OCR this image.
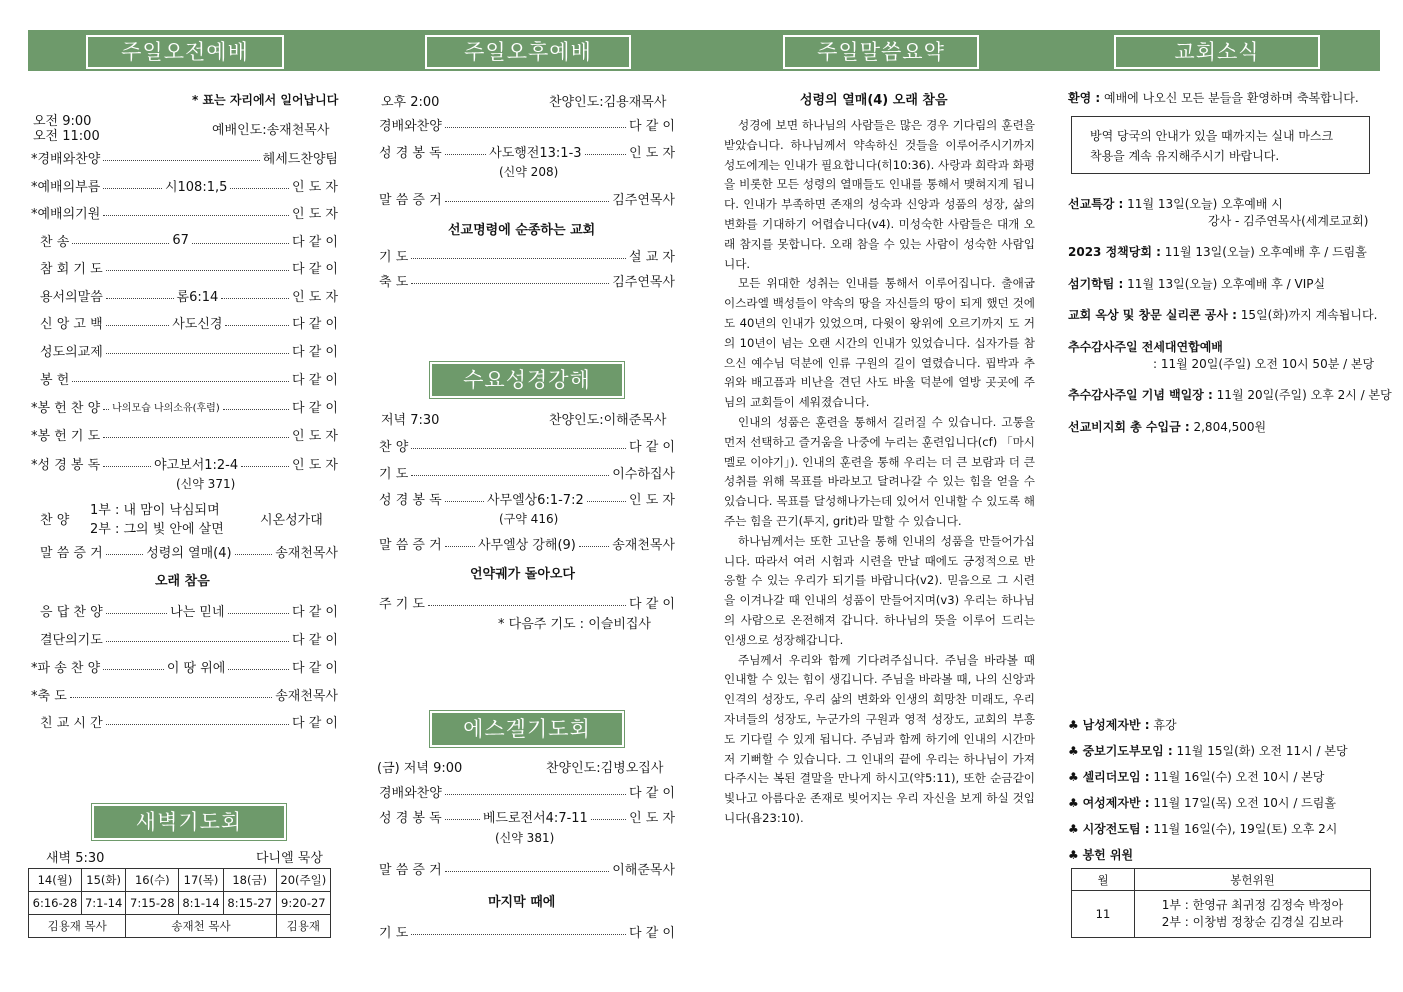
주일오전예배	주일오후예배	주일말씀요약	교회소식
* 표는 자리에서 일어납니다
오전 9:00
오전 11:00	예배인도:송재천목사
*경배와찬양	헤세드찬양팀
*예배의부름	시108:1,5	인 도 자
*예배의기원	인 도 자
찬 송	67	다 같 이
참 회 기 도	다 같 이
용서의말씀	롬6:14	인 도 자
신 앙 고 백	사도신경	다 같 이
성도의교제	다 같 이
봉 헌	다 같 이
*봉 헌 찬 양 나의모습 나의소유(후렴)	다 같 이
*봉 헌 기 도	인 도 자
*성 경 봉 독	야고보서1:2-4	인 도 자
(신약 371)
찬 양
1부 : 내 맘이 낙심되며
2부 : 그의 빛 안에 살면
시온성가대
말 씀 증 거	성령의 열매(4)	송재천목사
오래 참음
응 답 찬 양	나는 믿네	다 같 이
결단의기도	다 같 이
*파 송 찬 양	이 땅 위에	다 같 이
*축 도	송재천목사
친 교 시 간	다 같 이
새벽기도회
새벽 5:30	다니엘 묵상
14(월)	15(화)	16(수)	17(목)	18(금)	20(주일)
6:16-28	7:1-14	7:15-28	8:1-14	8:15-27	9:20-27
김용재 목사		송재천 목사			김용재
오후 2:00	찬양인도:김용재목사
경배와찬양	다 같 이
성 경 봉 독	사도행전13:1-3	인 도 자
(신약 208)
말 씀 증 거	김주연목사
선교명령에 순종하는 교회
기 도	설 교 자
축 도	김주연목사
수요성경강해
저녁 7:30	찬양인도:이해준목사
찬 양	다 같 이
기 도	이수하집사
성 경 봉 독	사무엘상6:1-7:2	인 도 자
(구약 416)
말 씀 증 거	사무엘상 강해(9)	송재천목사
언약궤가 돌아오다
주 기 도	다 같 이
* 다음주 기도 : 이슬비집사
에스겔기도회
(금) 저녁 9:00	찬양인도:김병오집사
경배와찬양	다 같 이
성 경 봉 독	베드로전서4:7-11	인 도 자
(신약 381)
말 씀 증 거	이해준목사
마지막 때에
기 도	다 같 이
성령의 열매(4) 오래 참음

성경에 보면 하나님의 사람들은 많은 경우 기다림의 훈련을 받았습니다. 하나님께서 약속하신 것들을 이루어주시기까지 성도에게는 인내가 필요합니다(히10:36). 사랑과 희락과 화평을 비롯한 모든 성령의 열매들도 인내를 통해서 맺혀지게 됩니다. 인내가 부족하면 존재의 성숙과 신앙과 성품의 성장, 삶의 변화를 기대하기 어렵습니다(v4). 미성숙한 사람들은 대개 오래 참지를 못합니다. 오래 참을 수 있는 사람이 성숙한 사람입니다.

모든 위대한 성취는 인내를 통해서 이루어집니다. 출애굽 이스라엘 백성들이 약속의 땅을 자신들의 땅이 되게 했던 것에도 40년의 인내가 있었으며, 다윗이 왕위에 오르기까지 도 거의 10년이 넘는 오랜 시간의 인내가 있었습니다. 십자가를 참으신 예수님 덕분에 인류 구원의 길이 열렸습니다. 핍박과 추위와 배고픔과 비난을 견딘 사도 바울 덕분에 열방 곳곳에 주님의 교회들이 세워졌습니다.

인내의 성품은 훈련을 통해서 길러질 수 있습니다. 고통을 먼저 선택하고 즐거움을 나중에 누리는 훈련입니다(cf) 「마시멜로 이야기」). 인내의 훈련을 통해 우리는 더 큰 보람과 더 큰 성취를 위해 목표를 바라보고 달려나갈 수 있는 힘을 얻을 수 있습니다. 목표를 달성해나가는데 있어서 인내할 수 있도록 해주는 힘을 끈기(투지, grit)라 말할 수 있습니다.

하나님께서는 또한 고난을 통해 인내의 성품을 만들어가십니다. 따라서 여러 시험과 시련을 만날 때에도 긍정적으로 반응할 수 있는 우리가 되기를 바랍니다(v2). 믿음으로 그 시련을 이겨나갈 때 인내의 성품이 만들어지며(v3) 우리는 하나님의 사람으로 온전해져 갑니다. 하나님의 뜻을 이루어 드리는 인생으로 성장해갑니다.

주님께서 우리와 함께 기다려주십니다. 주님을 바라볼 때 인내할 수 있는 힘이 생깁니다. 주님을 바라볼 때, 나의 신앙과 인격의 성장도, 우리 삶의 변화와 인생의 희망찬 미래도, 우리 자녀들의 성장도, 누군가의 구원과 영적 성장도, 교회의 부흥도 기다릴 수 있게 됩니다. 주님과 함께 하기에 인내의 시간마저 기뻐할 수 있습니다. 그 인내의 끝에 우리는 하나님이 가져다주시는 복된 결말을 만나게 하시고(약5:11), 또한 순금같이 빛나고 아름다운 존재로 빚어지는 우리 자신을 보게 하실 것입니다(욥23:10).

환영 : 예배에 나오신 모든 분들을 환영하며 축복합니다.
방역 당국의 안내가 있을 때까지는 실내 마스크
착용을 계속 유지해주시기 바랍니다.
선교특강 : 11월 13일(오늘) 오후예배 시
강사 - 김주연목사(세계로교회)
2023 정책당회 : 11월 13일(오늘) 오후예배 후 / 드림홀
섬기학팀 : 11월 13일(오늘) 오후예배 후 / VIP실
교회 옥상 및 창문 실리콘 공사 : 15일(화)까지 계속됩니다.
추수감사주일 전세대연합예배
: 11월 20일(주일) 오전 10시 50분 / 본당
추수감사주일 기념 백일장 : 11월 20일(주일) 오후 2시 / 본당
선교비지회 총 수입금 : 2,804,500원
♣ 남성제자반 : 휴강
♣ 중보기도부모임 : 11월 15일(화) 오전 11시 / 본당
♣ 셀리더모임 : 11월 16일(수) 오전 10시 / 본당
♣ 여성제자반 : 11월 17일(목) 오전 10시 / 드림홀
♣ 시장전도팀 : 11월 16일(수), 19일(토) 오후 2시
♣ 봉헌 위원
월	봉헌위원
11	1부 : 한영규 최귀정 김정숙 박정아
2부 : 이창범 정창순 김경실 김보라
